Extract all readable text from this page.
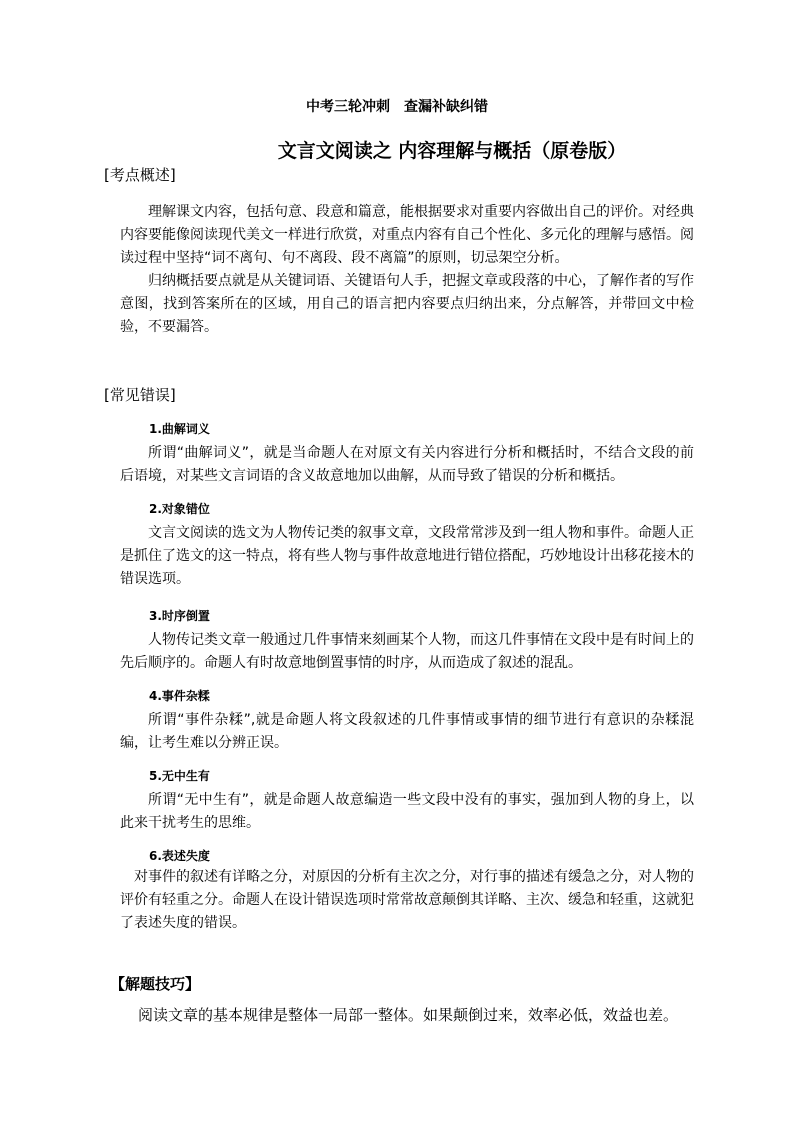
中考三轮冲刺　查漏补缺纠错

文言文阅读之 内容理解与概括（原卷版）

[考点概述]

理解课文内容，包括句意、段意和篇意，能根据要求对重要内容做出自己的评价。对经典内容要能像阅读现代美文一样进行欣赏，对重点内容有自己个性化、多元化的理解与感悟。阅读过程中坚持“词不离句、句不离段、段不离篇”的原则，切忌架空分析。

归纳概括要点就是从关键词语、关键语句人手，把握文章或段落的中心，了解作者的写作意图，找到答案所在的区域，用自己的语言把内容要点归纳出来，分点解答，并带回文中检验，不要漏答。

[常见错误]

1.曲解词义

所谓“曲解词义”，就是当命题人在对原文有关内容进行分析和概括时，不结合文段的前后语境，对某些文言词语的含义故意地加以曲解，从而导致了错误的分析和概括。

2.对象错位

文言文阅读的选文为人物传记类的叙事文章，文段常常涉及到一组人物和事件。命题人正是抓住了选文的这一特点，将有些人物与事件故意地进行错位搭配，巧妙地设计出移花接木的错误选项。

3.时序倒置

人物传记类文章一般通过几件事情来刻画某个人物，而这几件事情在文段中是有时间上的先后顺序的。命题人有时故意地倒置事情的时序，从而造成了叙述的混乱。

4.事件杂糅

所谓“事件杂糅”,就是命题人将文段叙述的几件事情或事情的细节进行有意识的杂糅混编，让考生难以分辨正误。

5.无中生有

所谓“无中生有”，就是命题人故意编造一些文段中没有的事实，强加到人物的身上，以此来干扰考生的思维。

6.表述失度

对事件的叙述有详略之分，对原因的分析有主次之分，对行事的描述有缓急之分，对人物的评价有轻重之分。命题人在设计错误选项时常常故意颠倒其详略、主次、缓急和轻重，这就犯了表述失度的错误。

【解题技巧】

阅读文章的基本规律是整体一局部一整体。如果颠倒过来，效率必低，效益也差。
